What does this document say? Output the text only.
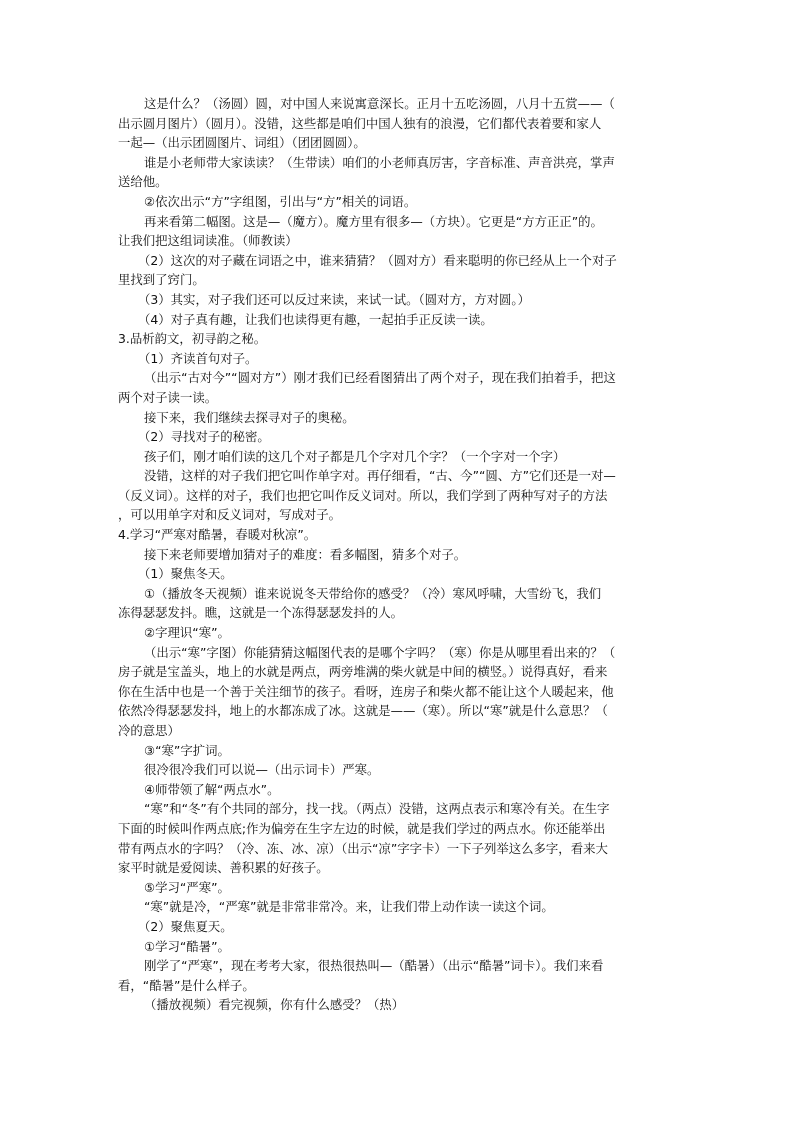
这是什么？（汤圆）圆，对中国人来说寓意深长。正月十五吃汤圆，八月十五赏——（
出示圆月图片）（圆月）。没错，这些都是咱们中国人独有的浪漫，它们都代表着要和家人
一起—（出示团圆图片、词组）（团团圆圆）。
谁是小老师带大家读读？（生带读）咱们的小老师真厉害，字音标准、声音洪亮，掌声
送给他。
②依次出示“方”字组图，引出与“方”相关的词语。
再来看第二幅图。这是—（魔方）。魔方里有很多—（方块）。它更是“方方正正”的。
让我们把这组词读准。（师教读）
（2）这次的对子藏在词语之中，谁来猜猜？（圆对方）看来聪明的你已经从上一个对子
里找到了窍门。
（3）其实，对子我们还可以反过来读，来试一试。（圆对方，方对圆。）
（4）对子真有趣，让我们也读得更有趣，一起拍手正反读一读。
3.品析韵文，初寻韵之秘。
（1）齐读首句对子。
（出示“古对今”“圆对方”）刚才我们已经看图猜出了两个对子，现在我们拍着手，把这
两个对子读一读。
接下来，我们继续去探寻对子的奥秘。
（2）寻找对子的秘密。
孩子们，刚才咱们读的这几个对子都是几个字对几个字？（一个字对一个字）
没错，这样的对子我们把它叫作单字对。再仔细看，“古、今”“圆、方”它们还是一对—
（反义词）。这样的对子，我们也把它叫作反义词对。所以，我们学到了两种写对子的方法
，可以用单字对和反义词对，写成对子。
4.学习“严寒对酷暑，春暖对秋凉”。
接下来老师要增加猜对子的难度：看多幅图，猜多个对子。
（1）聚焦冬天。
①（播放冬天视频）谁来说说冬天带给你的感受？（冷）寒风呼啸，大雪纷飞，我们
冻得瑟瑟发抖。瞧，这就是一个冻得瑟瑟发抖的人。
②字理识“寒”。
（出示“寒”字图）你能猜猜这幅图代表的是哪个字吗？（寒）你是从哪里看出来的？（
房子就是宝盖头，地上的水就是两点，两旁堆满的柴火就是中间的横竖。）说得真好，看来
你在生活中也是一个善于关注细节的孩子。看呀，连房子和柴火都不能让这个人暖起来，他
依然冷得瑟瑟发抖，地上的水都冻成了冰。这就是——（寒）。所以“寒”就是什么意思？（
冷的意思）
③“寒”字扩词。
很冷很冷我们可以说—（出示词卡）严寒。
④师带领了解“两点水”。
“寒”和“冬”有个共同的部分，找一找。（两点）没错，这两点表示和寒冷有关。在生字
下面的时候叫作两点底;作为偏旁在生字左边的时候，就是我们学过的两点水。你还能举出
带有两点水的字吗？（冷、冻、冰、凉）（出示“凉”字字卡）一下子列举这么多字，看来大
家平时就是爱阅读、善积累的好孩子。
⑤学习“严寒”。
“寒”就是冷，“严寒”就是非常非常冷。来，让我们带上动作读一读这个词。
（2）聚焦夏天。
①学习“酷暑”。
刚学了“严寒”，现在考考大家，很热很热叫—（酷暑）（出示“酷暑”词卡）。我们来看
看，“酷暑”是什么样子。
（播放视频）看完视频，你有什么感受？（热）
